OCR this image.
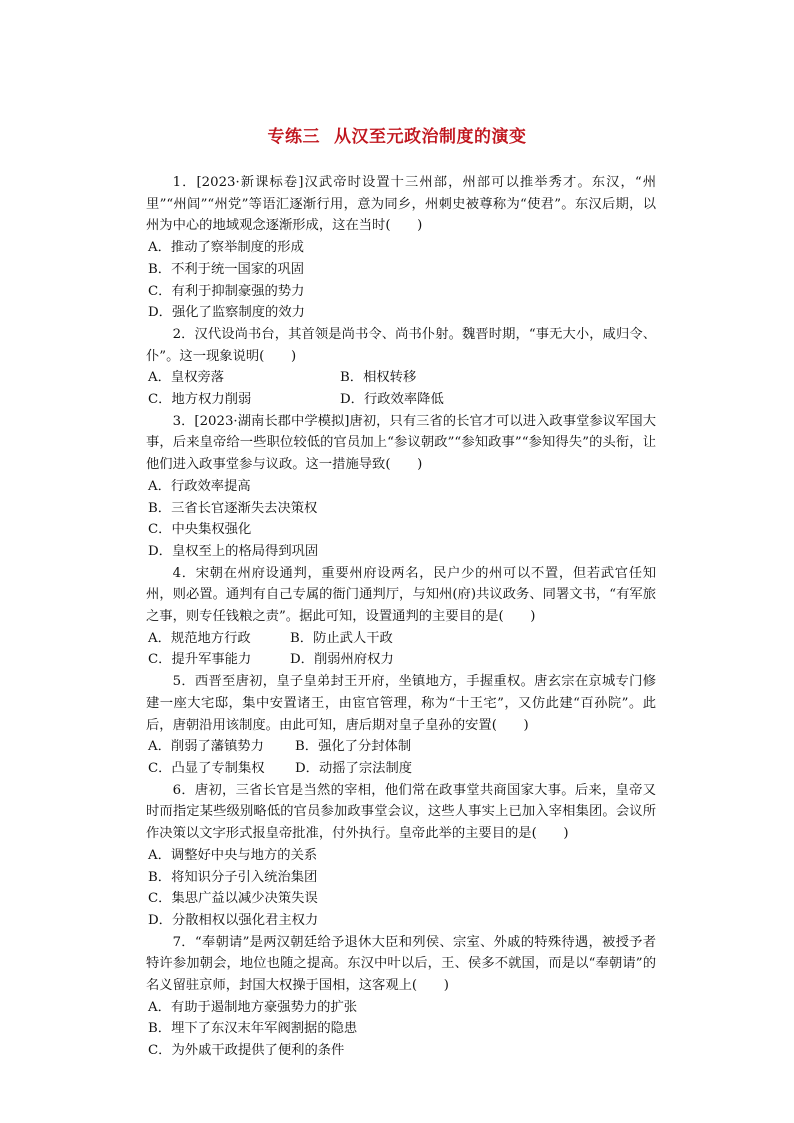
专练三 从汉至元政治制度的演变

1．[2023·新课标卷]汉武帝时设置十三州部，州部可以推举秀才。东汉，“州里”“州闾”“州党”等语汇逐渐行用，意为同乡，州刺史被尊称为“使君”。东汉后期，以州为中心的地域观念逐渐形成，这在当时(　　)

A．推动了察举制度的形成

B．不利于统一国家的巩固

C．有利于抑制豪强的势力

D．强化了监察制度的效力

2．汉代设尚书台，其首领是尚书令、尚书仆射。魏晋时期，“事无大小，咸归令、仆”。这一现象说明(　　)

A．皇权旁落	B．相权转移

C．地方权力削弱	D．行政效率降低

3．[2023·湖南长郡中学模拟]唐初，只有三省的长官才可以进入政事堂参议军国大事，后来皇帝给一些职位较低的官员加上“参议朝政”“参知政事”“参知得失”的头衔，让他们进入政事堂参与议政。这一措施导致(　　)

A．行政效率提高

B．三省长官逐渐失去决策权

C．中央集权强化

D．皇权至上的格局得到巩固

4．宋朝在州府设通判，重要州府设两名，民户少的州可以不置，但若武官任知州，则必置。通判有自己专属的衙门通判厅，与知州(府)共议政务、同署文书，“有军旅之事，则专任钱粮之责”。据此可知，设置通判的主要目的是(　　)

A．规范地方行政	B．防止武人干政

C．提升军事能力	D．削弱州府权力

5．西晋至唐初，皇子皇弟封王开府，坐镇地方，手握重权。唐玄宗在京城专门修建一座大宅邸，集中安置诸王，由宦官管理，称为“十王宅”，又仿此建“百孙院”。此后，唐朝沿用该制度。由此可知，唐后期对皇子皇孙的安置(　　)

A．削弱了藩镇势力	B．强化了分封体制

C．凸显了专制集权	D．动摇了宗法制度

6．唐初，三省长官是当然的宰相，他们常在政事堂共商国家大事。后来，皇帝又时而指定某些级别略低的官员参加政事堂会议，这些人事实上已加入宰相集团。会议所作决策以文字形式报皇帝批准，付外执行。皇帝此举的主要目的是(　　)

A．调整好中央与地方的关系

B．将知识分子引入统治集团

C．集思广益以减少决策失误

D．分散相权以强化君主权力

7．“奉朝请”是两汉朝廷给予退休大臣和列侯、宗室、外戚的特殊待遇，被授予者特许参加朝会，地位也随之提高。东汉中叶以后，王、侯多不就国，而是以“奉朝请”的名义留驻京师，封国大权操于国相，这客观上(　　)

A．有助于遏制地方豪强势力的扩张

B．埋下了东汉末年军阀割据的隐患

C．为外戚干政提供了便利的条件
